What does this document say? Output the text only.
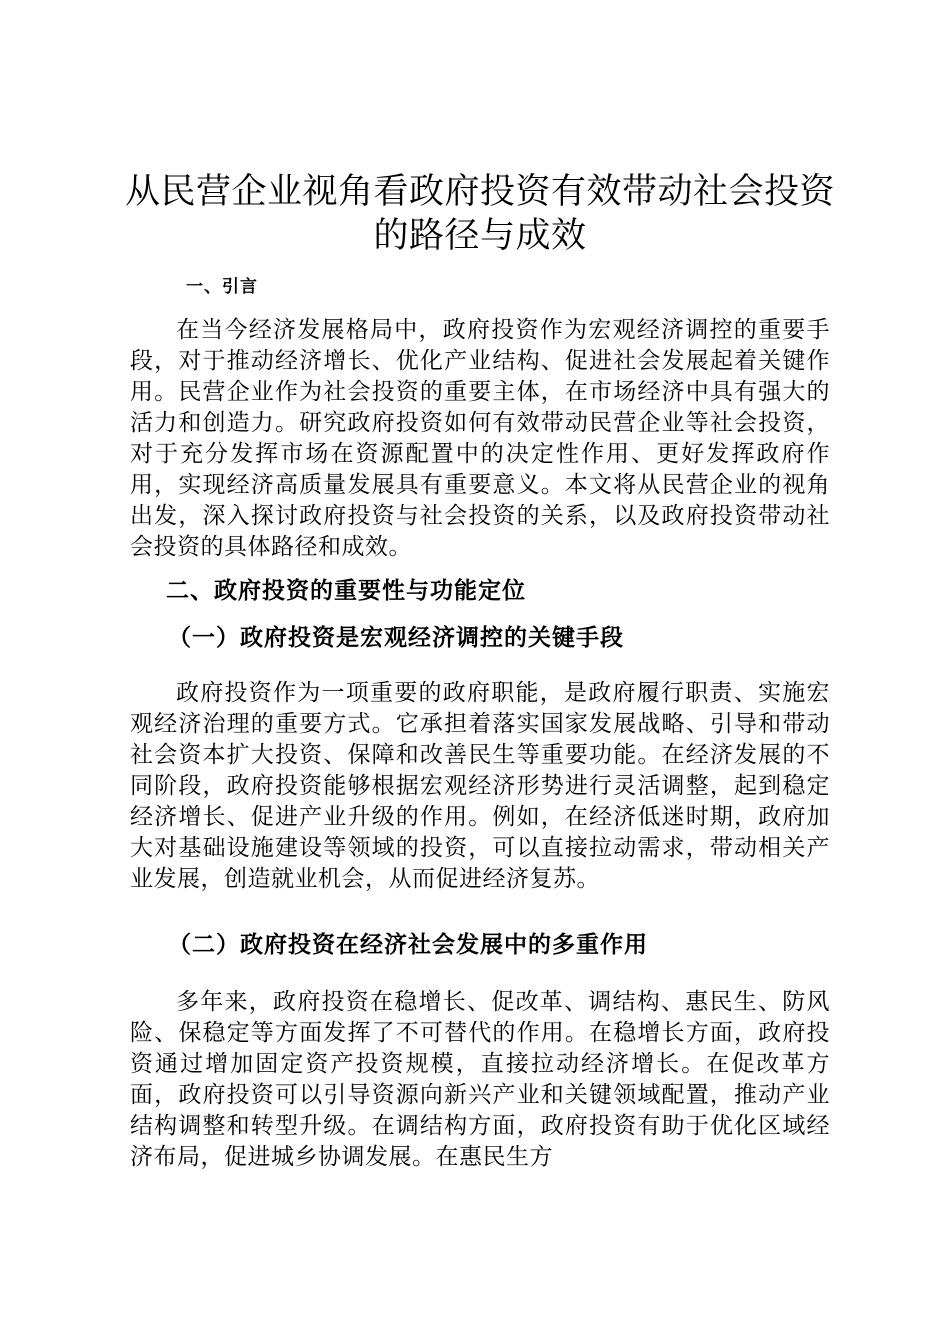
从民营企业视角看政府投资有效带动社会投资的路径与成效
一、引言

在当今经济发展格局中，政府投资作为宏观经济调控的重要手段，对于推动经济增长、优化产业结构、促进社会发展起着关键作用。民营企业作为社会投资的重要主体，在市场经济中具有强大的活力和创造力。研究政府投资如何有效带动民营企业等社会投资，对于充分发挥市场在资源配置中的决定性作用、更好发挥政府作用，实现经济高质量发展具有重要意义。本文将从民营企业的视角出发，深入探讨政府投资与社会投资的关系，以及政府投资带动社会投资的具体路径和成效。

二、政府投资的重要性与功能定位
（一）政府投资是宏观经济调控的关键手段

政府投资作为一项重要的政府职能，是政府履行职责、实施宏观经济治理的重要方式。它承担着落实国家发展战略、引导和带动社会资本扩大投资、保障和改善民生等重要功能。在经济发展的不同阶段，政府投资能够根据宏观经济形势进行灵活调整，起到稳定经济增长、促进产业升级的作用。例如，在经济低迷时期，政府加大对基础设施建设等领域的投资，可以直接拉动需求，带动相关产业发展，创造就业机会，从而促进经济复苏。

（二）政府投资在经济社会发展中的多重作用

多年来，政府投资在稳增长、促改革、调结构、惠民生、防风险、保稳定等方面发挥了不可替代的作用。在稳增长方面，政府投资通过增加固定资产投资规模，直接拉动经济增长。在促改革方面，政府投资可以引导资源向新兴产业和关键领域配置，推动产业结构调整和转型升级。在调结构方面，政府投资有助于优化区域经济布局，促进城乡协调发展。在惠民生方
